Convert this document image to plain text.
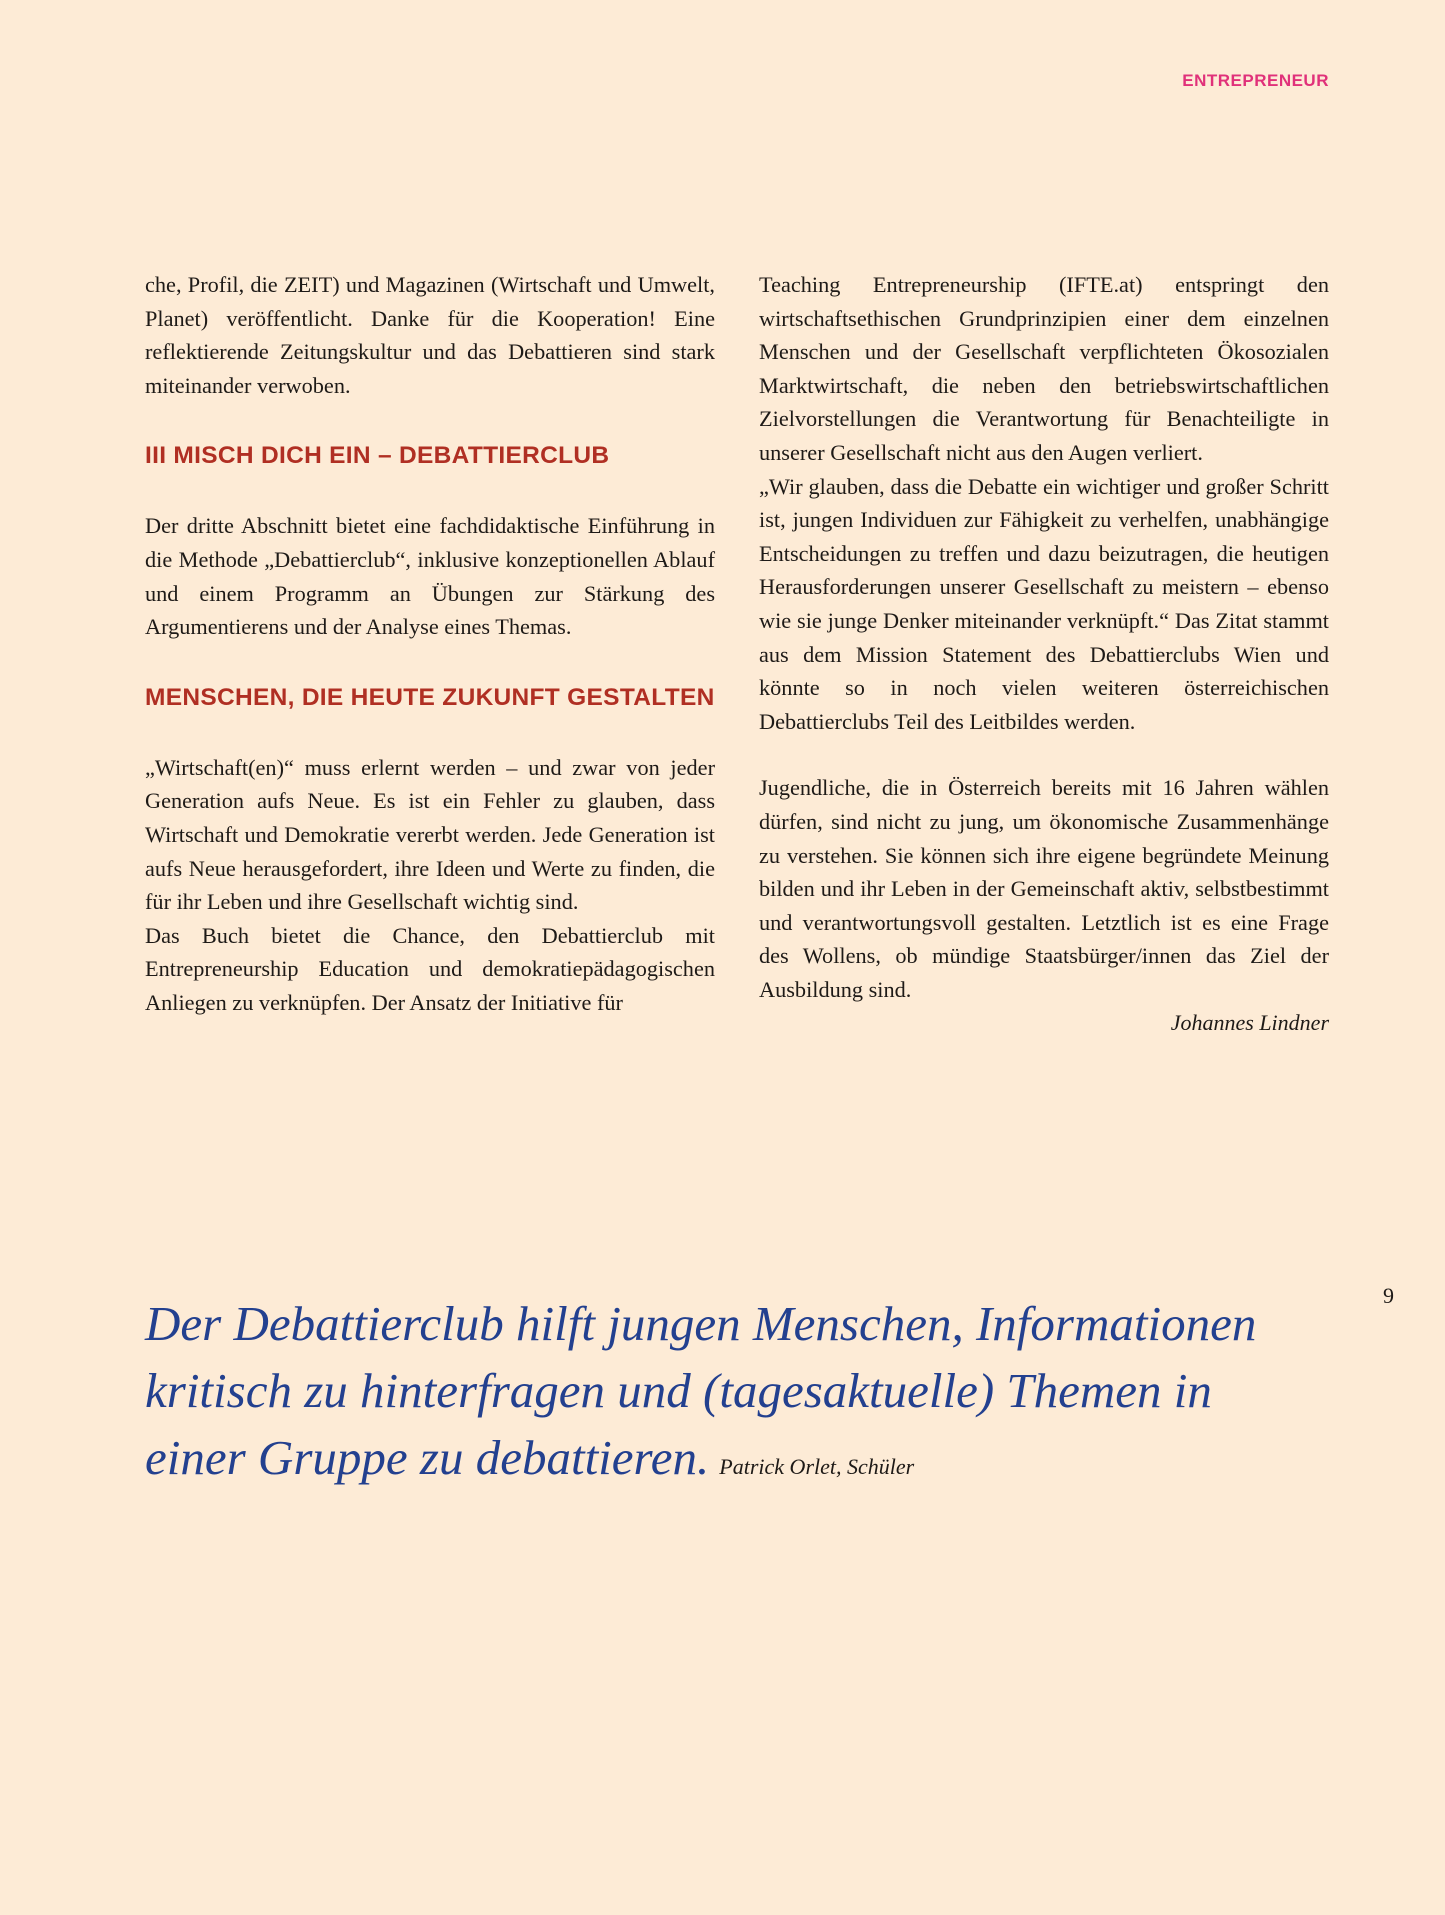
ENTREPRENEUR

che, Profil, die ZEIT) und Magazinen (Wirtschaft und Umwelt, Planet) veröffentlicht. Danke für die Kooperation! Eine reflektierende Zeitungskultur und das Debattieren sind stark miteinander verwoben.

III MISCH DICH EIN – DEBATTIERCLUB

Der dritte Abschnitt bietet eine fachdidaktische Einführung in die Methode „Debattierclub“, inklusive konzeptionellen Ablauf und einem Programm an Übungen zur Stärkung des Argumentierens und der Analyse eines Themas.

MENSCHEN, DIE HEUTE ZUKUNFT GESTALTEN

„Wirtschaft(en)“ muss erlernt werden – und zwar von jeder Generation aufs Neue. Es ist ein Fehler zu glauben, dass Wirtschaft und Demokratie vererbt werden. Jede Generation ist aufs Neue herausgefordert, ihre Ideen und Werte zu finden, die für ihr Leben und ihre Gesellschaft wichtig sind.

Das Buch bietet die Chance, den Debattierclub mit Entrepreneurship Education und demokratiepädagogischen Anliegen zu verknüpfen. Der Ansatz der Initiative für

Teaching Entrepreneurship (IFTE.at) entspringt den wirtschaftsethischen Grundprinzipien einer dem einzelnen Menschen und der Gesellschaft verpflichteten Ökosozialen Marktwirtschaft, die neben den betriebswirtschaftlichen Zielvorstellungen die Verantwortung für Benachteiligte in unserer Gesellschaft nicht aus den Augen verliert.

„Wir glauben, dass die Debatte ein wichtiger und großer Schritt ist, jungen Individuen zur Fähigkeit zu verhelfen, unabhängige Entscheidungen zu treffen und dazu beizutragen, die heutigen Herausforderungen unserer Gesellschaft zu meistern – ebenso wie sie junge Denker miteinander verknüpft.“ Das Zitat stammt aus dem Mission Statement des Debattierclubs Wien und könnte so in noch vielen weiteren österreichischen Debattierclubs Teil des Leitbildes werden.

Jugendliche, die in Österreich bereits mit 16 Jahren wählen dürfen, sind nicht zu jung, um ökonomische Zusammenhänge zu verstehen. Sie können sich ihre eigene begründete Meinung bilden und ihr Leben in der Gemeinschaft aktiv, selbstbestimmt und verantwortungsvoll gestalten. Letztlich ist es eine Frage des Wollens, ob mündige Staatsbürger/innen das Ziel der Ausbildung sind.

Johannes Lindner
9
Der Debattierclub hilft jungen Menschen, Informationen kritisch zu hinterfragen und (tagesaktuelle) Themen in einer Gruppe zu debattieren. Patrick Orlet, Schüler
